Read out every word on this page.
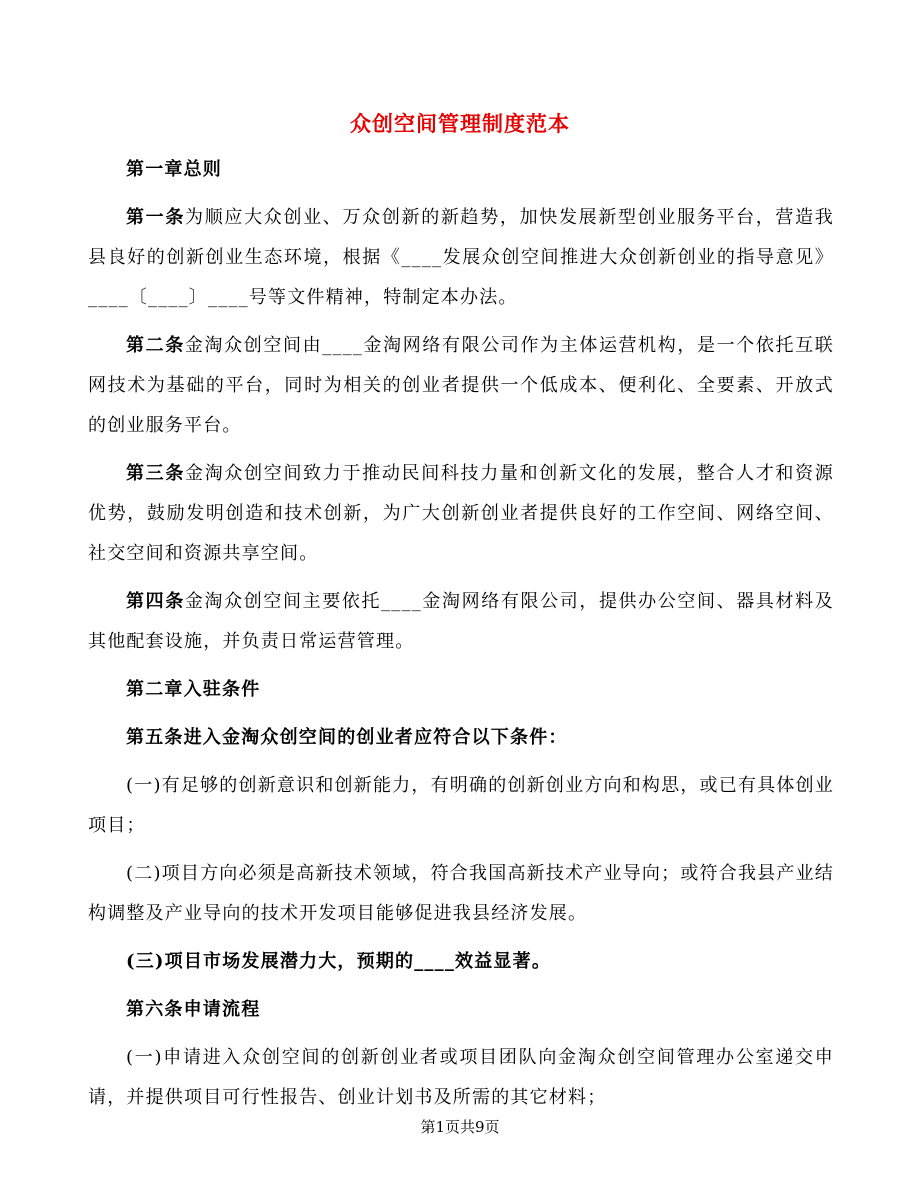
众创空间管理制度范本

第一章总则

第一条为顺应大众创业、万众创新的新趋势，加快发展新型创业服务平台，营造我县良好的创新创业生态环境，根据《____发展众创空间推进大众创新创业的指导意见》____〔____〕____号等文件精神，特制定本办法。

第二条金淘众创空间由____金淘网络有限公司作为主体运营机构，是一个依托互联网技术为基础的平台，同时为相关的创业者提供一个低成本、便利化、全要素、开放式的创业服务平台。

第三条金淘众创空间致力于推动民间科技力量和创新文化的发展，整合人才和资源优势，鼓励发明创造和技术创新，为广大创新创业者提供良好的工作空间、网络空间、社交空间和资源共享空间。

第四条金淘众创空间主要依托____金淘网络有限公司，提供办公空间、器具材料及其他配套设施，并负责日常运营管理。

第二章入驻条件

第五条进入金淘众创空间的创业者应符合以下条件：

(一)有足够的创新意识和创新能力，有明确的创新创业方向和构思，或已有具体创业项目；

(二)项目方向必须是高新技术领域，符合我国高新技术产业导向；或符合我县产业结构调整及产业导向的技术开发项目能够促进我县经济发展。

(三)项目市场发展潜力大，预期的____效益显著。

第六条申请流程

(一)申请进入众创空间的创新创业者或项目团队向金淘众创空间管理办公室递交申请，并提供项目可行性报告、创业计划书及所需的其它材料；

第1页共9页
